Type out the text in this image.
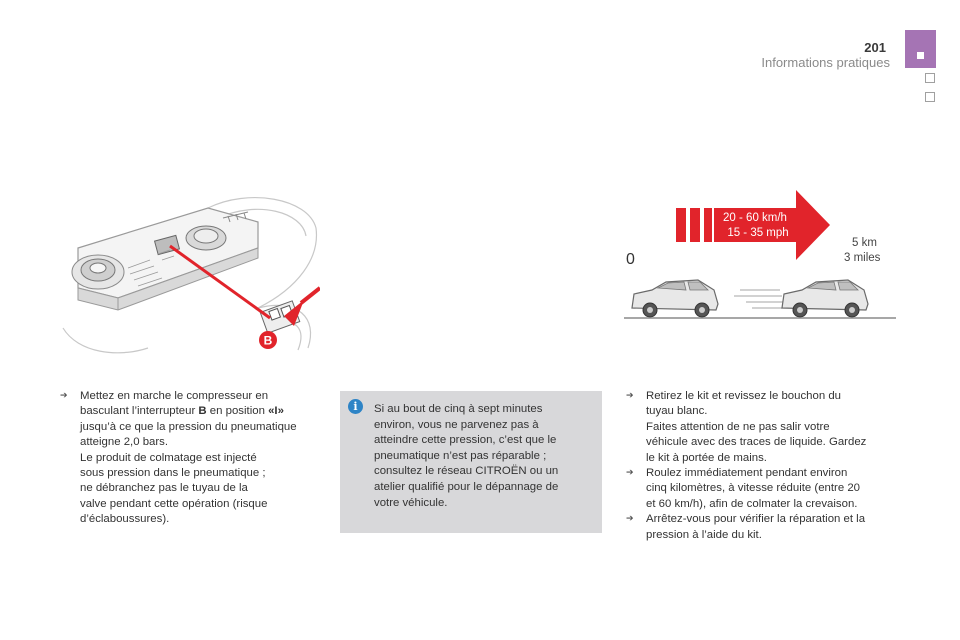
201
Informations pratiques
B
20 - 60 km/h
15 - 35 mph
0
5 km
3 miles
➔ Mettez en marche le compresseur en
basculant l’interrupteur B en position «I»
jusqu’à ce que la pression du pneumatique
atteigne 2,0 bars.
Le produit de colmatage est injecté
sous pression dans le pneumatique ;
ne débranchez pas le tuyau de la
valve pendant cette opération (risque
d’éclaboussures).
i	Si au bout de cinq à sept minutes
environ, vous ne parvenez pas à
atteindre cette pression, c’est que le
pneumatique n’est pas réparable ;
consultez le réseau CITROËN ou un
atelier qualifié pour le dépannage de
votre véhicule.
➔ Retirez le kit et revissez le bouchon du
tuyau blanc.
Faites attention de ne pas salir votre
véhicule avec des traces de liquide. Gardez
le kit à portée de mains.
➔ Roulez immédiatement pendant environ
cinq kilomètres, à vitesse réduite (entre 20
et 60 km/h), afin de colmater la crevaison.
➔ Arrêtez-vous pour vérifier la réparation et la
pression à l’aide du kit.
